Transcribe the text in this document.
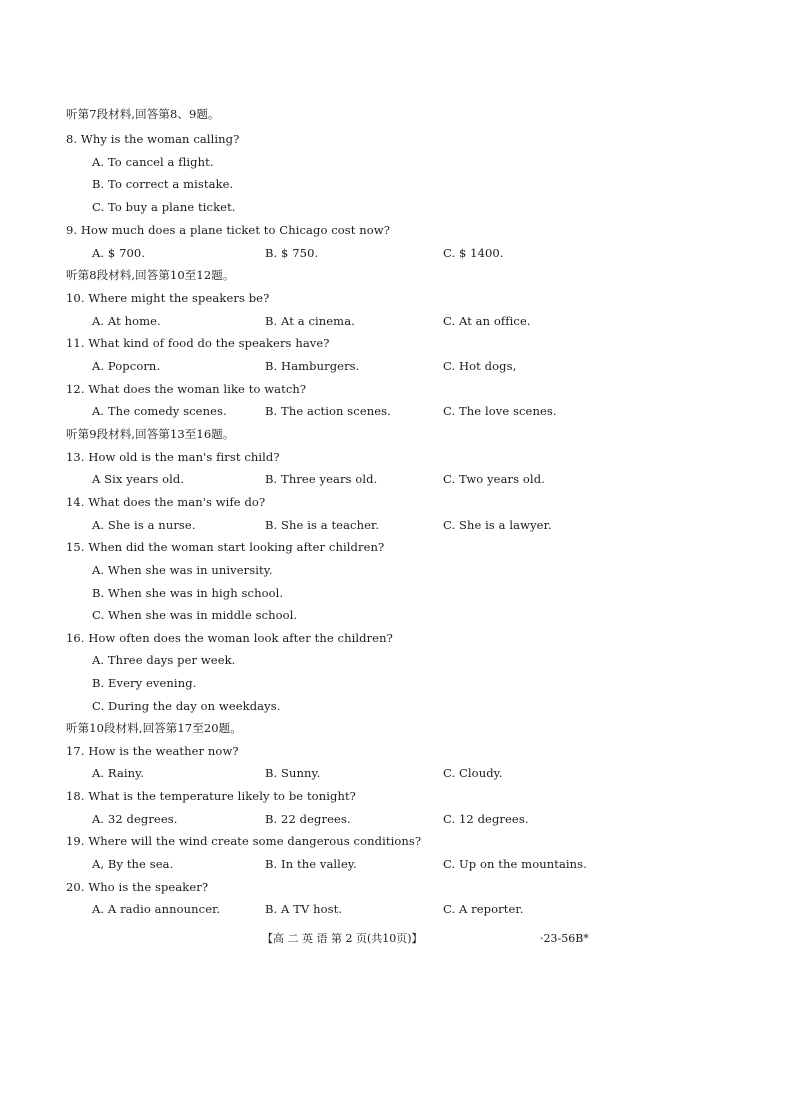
听第7段材料,回答第8、9题。
8. Why is the woman calling?
A. To cancel a flight.
B. To correct a mistake.
C. To buy a plane ticket.
9. How much does a plane ticket to Chicago cost now?
A. $ 700.	B. $ 750.	C. $ 1400.
听第8段材料,回答第10至12题。
10. Where might the speakers be?
A. At home.	B. At a cinema.	C. At an office.
11. What kind of food do the speakers have?
A. Popcorn.	B. Hamburgers.	C. Hot dogs,
12. What does the woman like to watch?
A. The comedy scenes.	B. The action scenes.	C. The love scenes.
听第9段材料,回答第13至16题。
13. How old is the man's first child?
A Six years old.	B. Three years old.	C. Two years old.
14. What does the man's wife do?
A. She is a nurse.	B. She is a teacher.	C. She is a lawyer.
15. When did the woman start looking after children?
A. When she was in university.
B. When she was in high school.
C. When she was in middle school.
16. How often does the woman look after the children?
A. Three days per week.
B. Every evening.
C. During the day on weekdays.
听第10段材料,回答第17至20题。
17. How is the weather now?
A. Rainy.	B. Sunny.	C. Cloudy.
18. What is the temperature likely to be tonight?
A. 32 degrees.	B. 22 degrees.	C. 12 degrees.
19. Where will the wind create some dangerous conditions?
A, By the sea.	B. In the valley.	C. Up on the mountains.
20. Who is the speaker?
A. A radio announcer.	B. A TV host.	C. A reporter.
【高 二 英 语 第 2 页(共10页)】	·23-56B*
